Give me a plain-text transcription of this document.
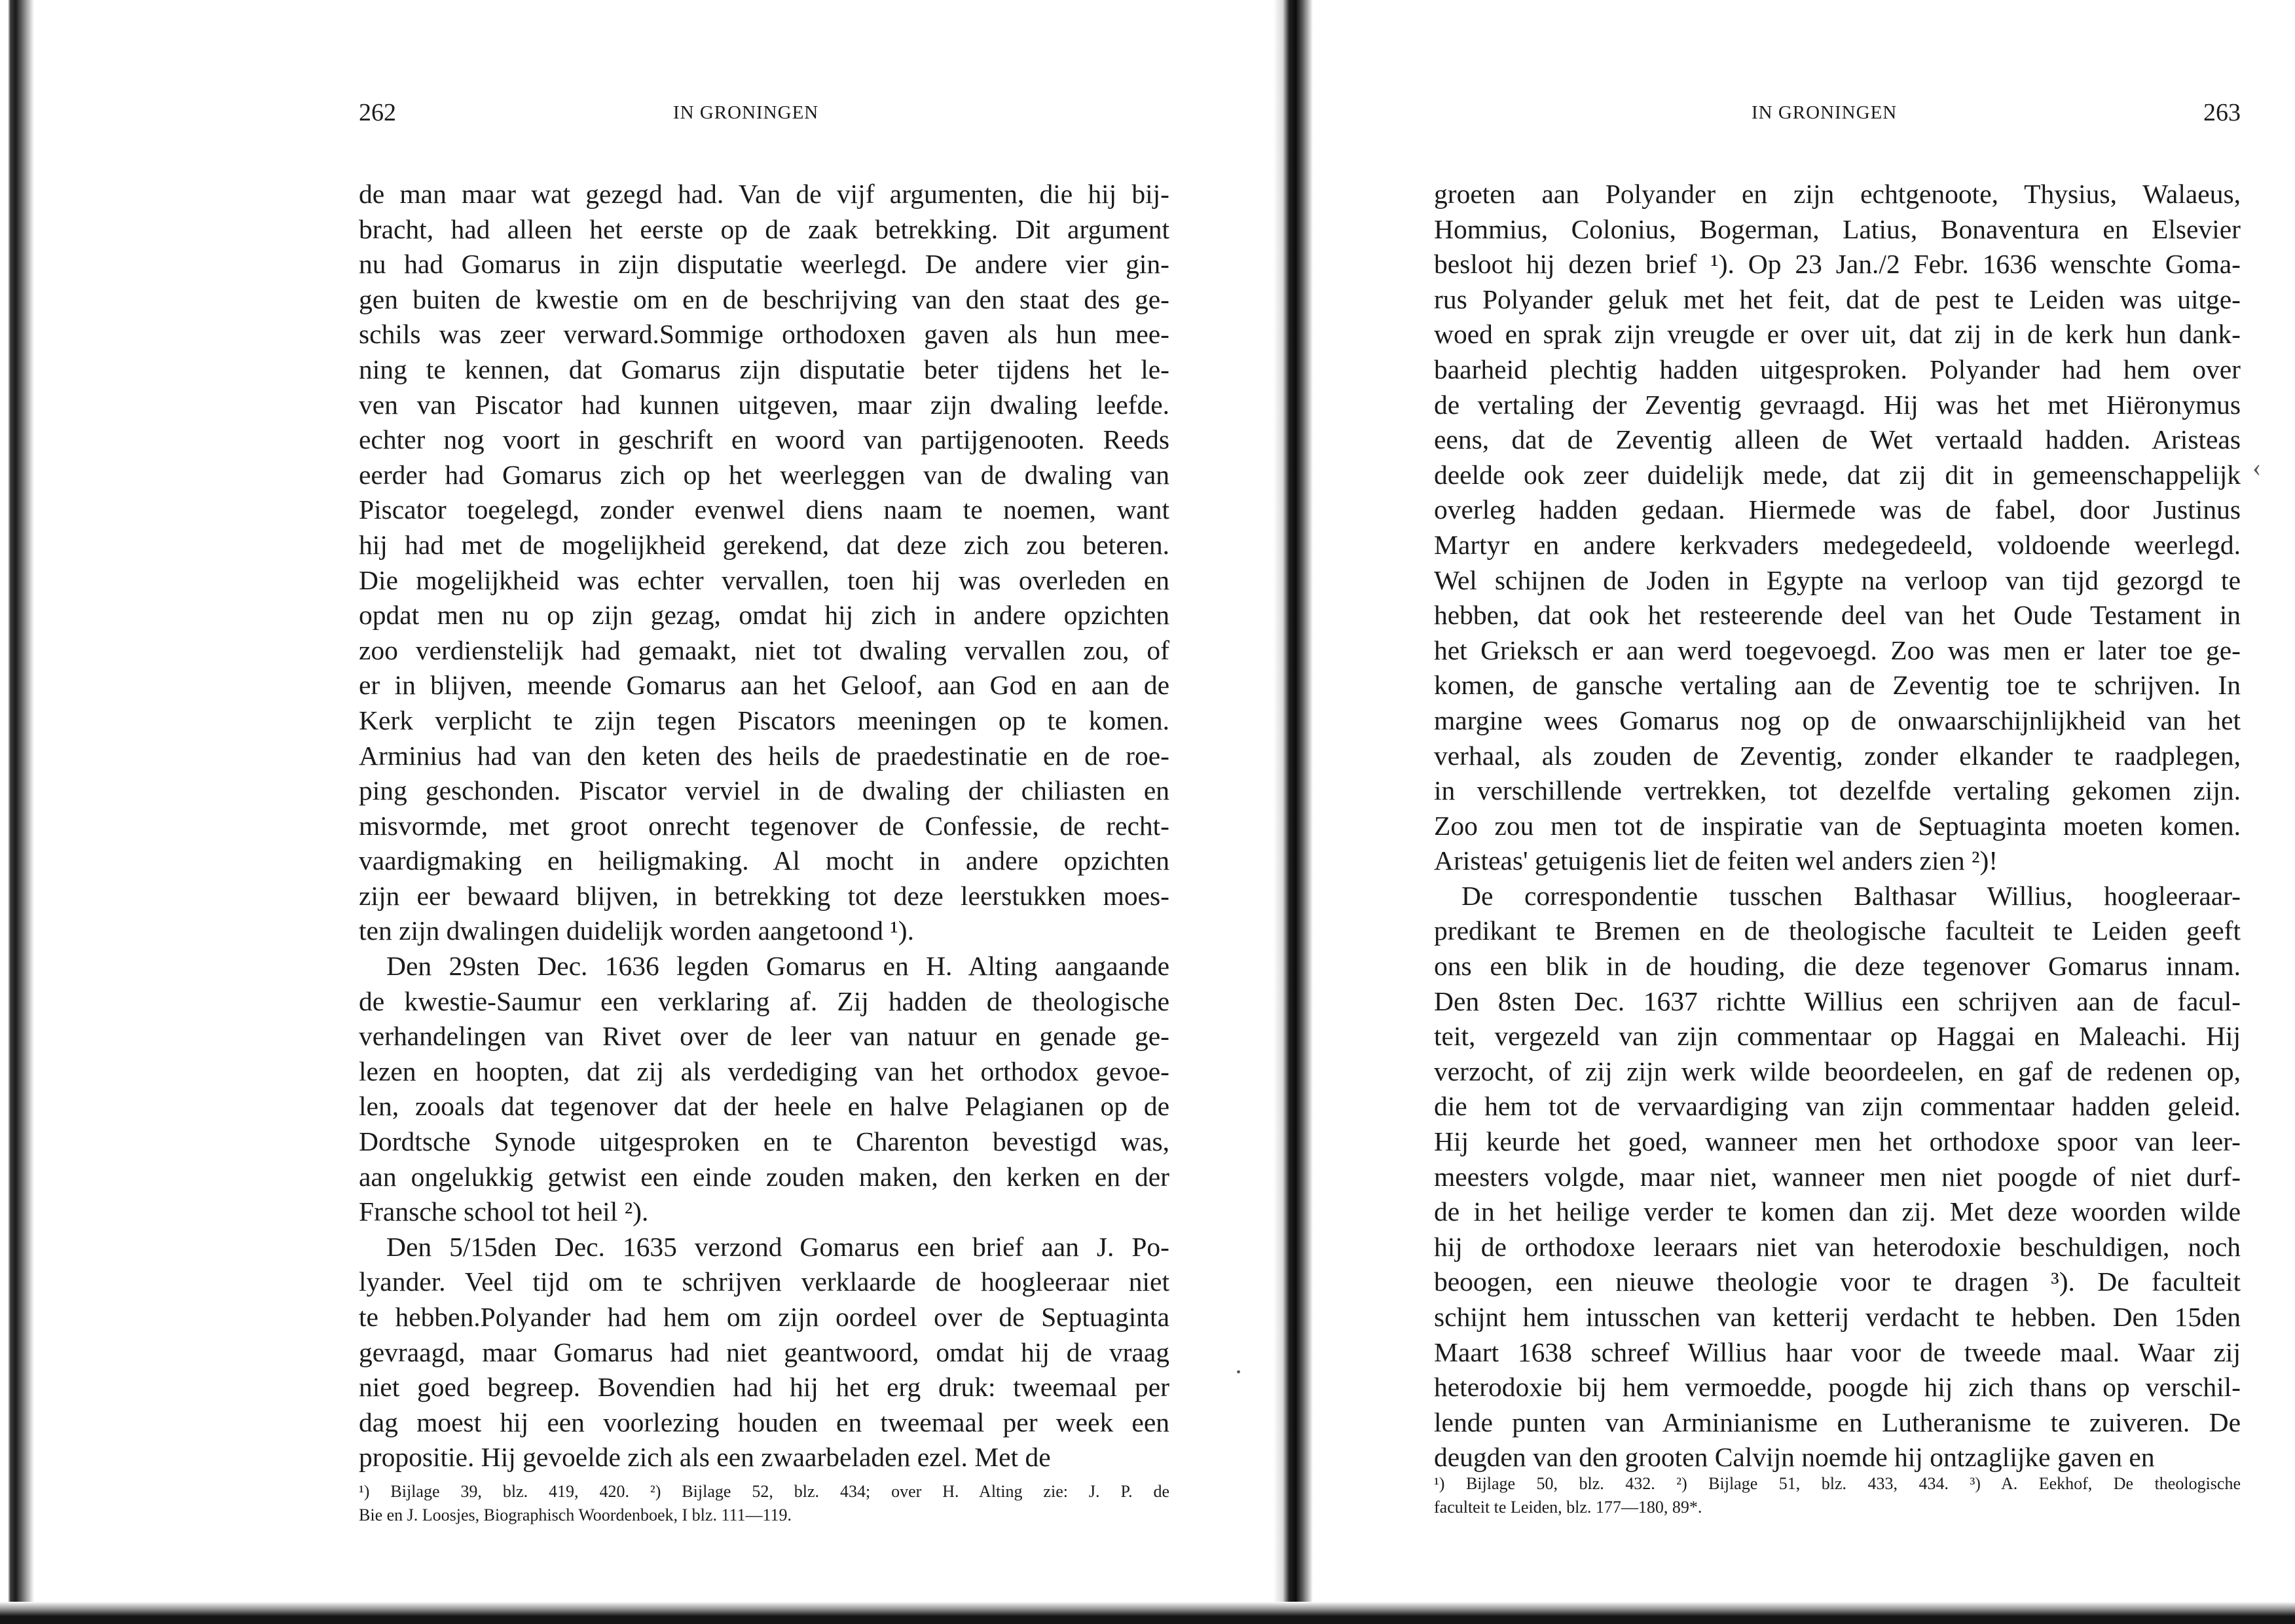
262	IN GRONINGEN
de man maar wat gezegd had. Van de vijf argumenten, die hij bij-
bracht, had alleen het eerste op de zaak betrekking. Dit argument
nu had Gomarus in zijn disputatie weerlegd. De andere vier gin-
gen buiten de kwestie om en de beschrijving van den staat des ge-
schils was zeer verward.Sommige orthodoxen gaven als hun mee-
ning te kennen, dat Gomarus zijn disputatie beter tijdens het le-
ven van Piscator had kunnen uitgeven, maar zijn dwaling leefde.
echter nog voort in geschrift en woord van partijgenooten. Reeds
eerder had Gomarus zich op het weerleggen van de dwaling van
Piscator toegelegd, zonder evenwel diens naam te noemen, want
hij had met de mogelijkheid gerekend, dat deze zich zou beteren.
Die mogelijkheid was echter vervallen, toen hij was overleden en
opdat men nu op zijn gezag, omdat hij zich in andere opzichten
zoo verdienstelijk had gemaakt, niet tot dwaling vervallen zou, of
er in blijven, meende Gomarus aan het Geloof, aan God en aan de
Kerk verplicht te zijn tegen Piscators meeningen op te komen.
Arminius had van den keten des heils de praedestinatie en de roe-
ping geschonden. Piscator verviel in de dwaling der chiliasten en
misvormde, met groot onrecht tegenover de Confessie, de recht-
vaardigmaking en heiligmaking. Al mocht in andere opzichten
zijn eer bewaard blijven, in betrekking tot deze leerstukken moes-
ten zijn dwalingen duidelijk worden aangetoond ¹).
Den 29sten Dec. 1636 legden Gomarus en H. Alting aangaande
de kwestie-Saumur een verklaring af. Zij hadden de theologische
verhandelingen van Rivet over de leer van natuur en genade ge-
lezen en hoopten, dat zij als verdediging van het orthodox gevoe-
len, zooals dat tegenover dat der heele en halve Pelagianen op de
Dordtsche Synode uitgesproken en te Charenton bevestigd was,
aan ongelukkig getwist een einde zouden maken, den kerken en der
Fransche school tot heil ²).
Den 5/15den Dec. 1635 verzond Gomarus een brief aan J. Po-
lyander. Veel tijd om te schrijven verklaarde de hoogleeraar niet
te hebben.Polyander had hem om zijn oordeel over de Septuaginta
gevraagd, maar Gomarus had niet geantwoord, omdat hij de vraag
niet goed begreep. Bovendien had hij het erg druk: tweemaal per
dag moest hij een voorlezing houden en tweemaal per week een
propositie. Hij gevoelde zich als een zwaarbeladen ezel. Met de
¹) Bijlage 39, blz. 419, 420. ²) Bijlage 52, blz. 434; over H. Alting zie: J. P. de
Bie en J. Loosjes, Biographisch Woordenboek, I blz. 111—119.
IN GRONINGEN	263
groeten aan Polyander en zijn echtgenoote, Thysius, Walaeus,
Hommius, Colonius, Bogerman, Latius, Bonaventura en Elsevier
besloot hij dezen brief ¹). Op 23 Jan./2 Febr. 1636 wenschte Goma-
rus Polyander geluk met het feit, dat de pest te Leiden was uitge-
woed en sprak zijn vreugde er over uit, dat zij in de kerk hun dank-
baarheid plechtig hadden uitgesproken. Polyander had hem over
de vertaling der Zeventig gevraagd. Hij was het met Hiëronymus
eens, dat de Zeventig alleen de Wet vertaald hadden. Aristeas
deelde ook zeer duidelijk mede, dat zij dit in gemeenschappelijk
overleg hadden gedaan. Hiermede was de fabel, door Justinus
Martyr en andere kerkvaders medegedeeld, voldoende weerlegd.
Wel schijnen de Joden in Egypte na verloop van tijd gezorgd te
hebben, dat ook het resteerende deel van het Oude Testament in
het Grieksch er aan werd toegevoegd. Zoo was men er later toe ge-
komen, de gansche vertaling aan de Zeventig toe te schrijven. In
margine wees Gomarus nog op de onwaarschijnlijkheid van het
verhaal, als zouden de Zeventig, zonder elkander te raadplegen,
in verschillende vertrekken, tot dezelfde vertaling gekomen zijn.
Zoo zou men tot de inspiratie van de Septuaginta moeten komen.
Aristeas' getuigenis liet de feiten wel anders zien ²)!
De correspondentie tusschen Balthasar Willius, hoogleeraar-
predikant te Bremen en de theologische faculteit te Leiden geeft
ons een blik in de houding, die deze tegenover Gomarus innam.
Den 8sten Dec. 1637 richtte Willius een schrijven aan de facul-
teit, vergezeld van zijn commentaar op Haggai en Maleachi. Hij
verzocht, of zij zijn werk wilde beoordeelen, en gaf de redenen op,
die hem tot de vervaardiging van zijn commentaar hadden geleid.
Hij keurde het goed, wanneer men het orthodoxe spoor van leer-
meesters volgde, maar niet, wanneer men niet poogde of niet durf-
de in het heilige verder te komen dan zij. Met deze woorden wilde
hij de orthodoxe leeraars niet van heterodoxie beschuldigen, noch
beoogen, een nieuwe theologie voor te dragen ³). De faculteit
schijnt hem intusschen van ketterij verdacht te hebben. Den 15den
Maart 1638 schreef Willius haar voor de tweede maal. Waar zij
heterodoxie bij hem vermoedde, poogde hij zich thans op verschil-
lende punten van Arminianisme en Lutheranisme te zuiveren. De
deugden van den grooten Calvijn noemde hij ontzaglijke gaven en
¹) Bijlage 50, blz. 432. ²) Bijlage 51, blz. 433, 434. ³) A. Eekhof, De theologische
faculteit te Leiden, blz. 177—180, 89*.
‹
•
